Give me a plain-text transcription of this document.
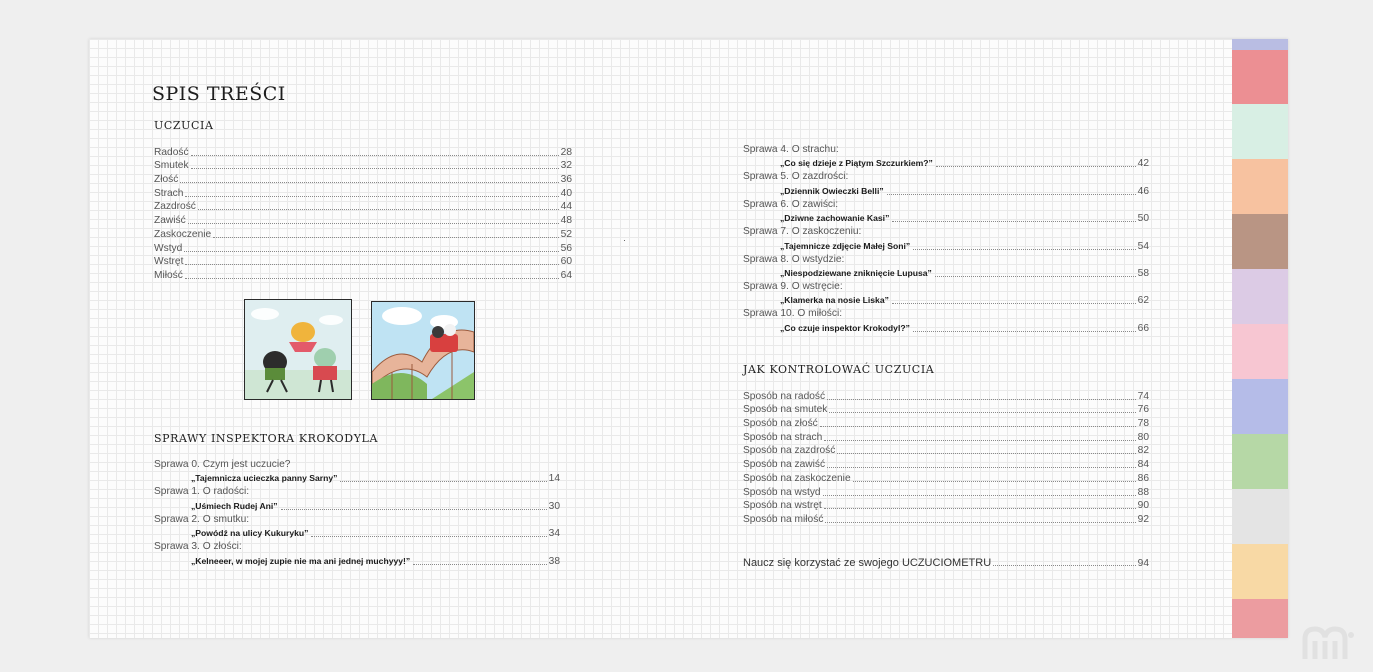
SPIS TREŚCI
UCZUCIA
Radość	28
Smutek	32
Złość	36
Strach	40
Zazdrość	44
Zawiść	48
Zaskoczenie	52
Wstyd	56
Wstręt	60
Miłość	64
SPRAWY INSPEKTORA KROKODYLA
Sprawa 0. Czym jest uczucie?
„Tajemnicza ucieczka panny Sarny”	14
Sprawa 1. O radości:
„Uśmiech Rudej Ani”	30
Sprawa 2. O smutku:
„Powódź na ulicy Kukuryku”	34
Sprawa 3. O złości:
„Kelneeer, w mojej zupie nie ma ani jednej muchyyy!”	38
Sprawa 4. O strachu:
„Co się dzieje z Piątym Szczurkiem?”	42
Sprawa 5. O zazdrości:
„Dziennik Owieczki Belli”	46
Sprawa 6. O zawiści:
„Dziwne zachowanie Kasi”	50
Sprawa 7. O zaskoczeniu:
„Tajemnicze zdjęcie Małej Soni”	54
Sprawa 8. O wstydzie:
„Niespodziewane zniknięcie Lupusa”	58
Sprawa 9. O wstręcie:
„Klamerka na nosie Liska”	62
Sprawa 10. O miłości:
„Co czuje inspektor Krokodyl?”	66
JAK KONTROLOWAĆ UCZUCIA
Sposób na radość	74
Sposób na smutek	76
Sposób na złość	78
Sposób na strach	80
Sposób na zazdrość	82
Sposób na zawiść	84
Sposób na zaskoczenie	86
Sposób na wstyd	88
Sposób na wstręt	90
Sposób na miłość	92
Naucz się korzystać ze swojego UCZUCIOMETRU	94
